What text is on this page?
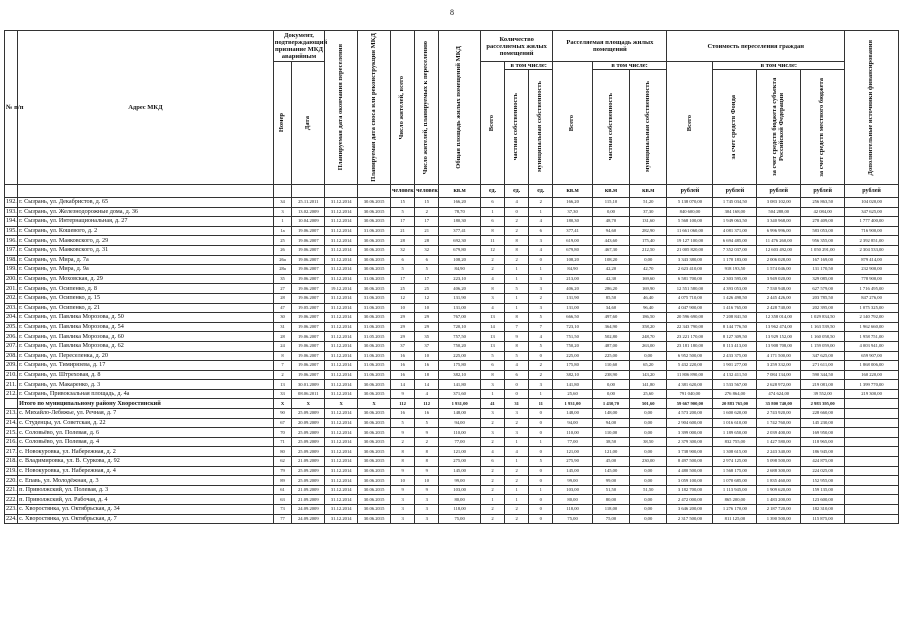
8
№ п/п	Адрес МКД	Документ, подтверждающий признание МКД аварийным		Планируемая дата окончания переселения	Планируемая дата сноса или реконструкции МКД	Число жителей, всего	Число жителей, планируемых к переселению	Общая площадь жилых помещений МКД	Количество расселяемых жилых помещений			Расселяемая площадь жилых помещений			Стоимость переселения граждан				Дополнительные источники финансирования

		Номер	Дата						Всего	в том числе:		Всего	в том числе:		Всего	в том числе:			

										частная собственность	муниципальная собственность		частная собственность	муниципальная собственность		за счет средств Фонда	за счет средств бюджета субъекта Российской Федерации	за счет средств местного бюджета	

						человек	человек	кв.м	ед.	ед.	ед.	кв.м	кв.м	кв.м	рублей	рублей	рублей	рублей	рублей
192.	г. Сызрань, ул. Декабристов, д. 65	34	25.11.2011	31.12.2014	30.06.2015	15	15	166,20	6	4	2	166,20	115,10	51,20	5 138 070,00	1 745 034,50	3 083 102,00	256 863,50	104 020,00
193.	г. Сызрань, ул. Железнодорожные дома, д. 36	3	13.02.2009	31.12.2014	30.06.2015	5	2	78,70	1	0	1	37,30	0,00	37,30	840 600,00	304 168,00	504 288,00	42 084,00	347 625,00
194.	г. Сызрань, ул. Интернациональная, д. 27	1	10.04.2009	31.12.2014	30.06.2015	17	17	180,30	6	2	4	180,30	48,70	131,60	5 568 100,00	1 949 063,50	3 340 968,00	278 409,00	1 777 400,00
195.	г. Сызрань, ул. Кошевого, д. 2	1a	19.06.2007	31.12.2014	31.06.2015	21	21	377,41	8	2	6	377,41	94,60	282,90	11 661 060,00	4 081 371,00	6 996 996,00	583 053,00	716 900,00
196.	г. Сызрань, ул. Маяковского, д. 29	25	19.06.2007	31.12.2014	30.06.2015	28	28	692,30	11	8	3	619,00	443,60	175,40	19 127 100,00	6 694 485,00	11 476 260,00	956 355,00	2 392 851,00
197.	г. Сызрань, ул. Маяковского, д. 31	26	19.06.2007	31.12.2014	30.06.2015	32	32	679,80	12	8	4	679,80	467,30	212,50	21 005 820,00	7 352 037,00	12 603 492,00	1 050 291,00	2 304 533,00
198.	г. Сызрань, ул. Мира, д. 7а	26a	19.06.2007	31.12.2014	30.06.2015	6	6	108,20	2	2	0	108,20	108,20	0,00	3 343 380,00	1 170 183,00	2 006 028,00	167 169,00	879 414,00
199.	г. Сызрань, ул. Мира, д. 9а	28a	19.06.2007	31.12.2014	30.06.2015	5	5	84,90	2	1	1	84,90	42,20	42,70	2 623 410,00	918 193,50	1 574 046,00	131 170,50	232 900,00
200.	г. Сызрань, ул. Моховская, д. 29	35	19.06.2007	31.12.2014	31.06.2015	17	17	223,10	4	1	3	213,00	42,30	169,60	6 581 700,00	2 303 595,00	3 949 020,00	329 085,00	778 900,00
201.	г. Сызрань, ул. Осипенко, д. 8	27	19.06.2007	19.12.2014	30.06.2015	25	25	406,20	8	5	3	406,20	286,20	169,90	12 551 580,00	4 393 053,00	7 530 948,00	627 579,00	1 716 495,00
202.	г. Сызрань, ул. Осипенко, д. 15	28	19.06.2007	31.12.2014	31.06.2015	12	12	131,90	3	1	2	131,90	85,50	46,40	4 075 710,00	1 426 498,50	2 445 426,00	203 785,50	847 276,00
203.	г. Сызрань, ул. Осипенко, д. 21	47	19.05.2007	31.12.2014	31.06.2015	10	10	131,00	4	1	3	131,00	34,60	96,40	4 047 900,00	1 416 765,00	2 428 740,00	202 395,00	1 075 325,00
204.	г. Сызрань, ул. Павлика Морозова, д. 50	30	19.06.2007	31.12.2014	30.06.2015	29	29	767,00	13	8	5	666,50	497,60	186,50	20 596 690,00	7 208 841,50	12 358 014,00	1 029 834,50	2 140 792,00
205.	г. Сызрань, ул. Павлика Морозова, д. 54	31	19.06.2007	31.12.2014	31.06.2015	29	29	720,10	14	7	7	723,10	364,90	358,20	22 343 790,00	8 144 776,50	13 962 474,00	1 163 539,50	1 962 660,00
206.	г. Сызрань, ул. Павлика Морозова, д. 60	28	19.06.2007	31.12.2014	31.05.2015	29	35	757,50	13	9	4	751,50	502,80	248,70	23 221 170,00	8 127 309,50	13 929 152,00	1 160 058,50	1 958 751,00
207.	г. Сызрань, ул. Павлика Морозова, д. 62	24	19.06.2007	31.12.2014	30.06.2015	37	37	750,20	13	8	5	750,20	487,00	263,00	23 181 180,00	8 113 413,00	13 908 708,00	1 159 059,00	4 003 941,00
208.	г. Сызрань, ул. Переселенка, д. 20	8	19.06.2007	31.12.2014	31.06.2015	16	10	225,00	5	5	0	225,00	225,00	0,00	6 952 500,00	2 433 375,00	4 171 500,00	347 625,00	659 907,00
209.	г. Сызрань, ул. Тимирязева, д. 17	7	19.06.2007	31.12.2014	31.06.2015	16	16	175,80	6	4	2	175,80	110,60	65,20	5 432 220,00	1 901 277,00	3 259 332,00	271 611,00	1 868 006,00
210.	г. Сызрань, ул. Штреховая, д. 8	2	19.06.2007	31.12.2014	31.06.2015	16	18	382,10	8	6	2	382,10	238,90	143,20	11 806 890,00	4 132 411,50	7 084 134,00	590 344,50	160 220,00
211.	г. Сызрань, ул. Макаренко, д. 3	13	30.01.2009	31.12.2014	30.06.2015	14	14	141,80	3	0	3	141,80	0,00	141,80	4 381 620,00	1 533 567,00	2 628 972,00	219 081,00	1 399 770,00
212.	г. Сызрань, Привокзальная площадь, д. 4а	33	08.06.2011	31.12.2014	30.06.2015	9	4	371,60	1	0	1	25,60	0,00	25,60	791 040,00	276 864,00	474 624,00	39 552,00	219 300,00
	Итого по муниципальному району Хворостянский	X	X	X	X	112	112	1 931,00	41	31	11	1 931,00	1 430,70	501,60	59 667 900,00	20 883 765,00	35 800 740,00	2 983 395,00	
213.	с. Михайло-Лебяжье, ул. Речная, д. 7	90	25.09.2009	31.12.2014	30.06.2015	16	16	148,00	3	3	0	148,00	148,00	0,00	4 573 200,00	1 600 620,00	2 743 920,00	228 660,00	
214.	с. Студенцы, ул. Советская, д. 22	67	20.09.2009	31.12.2014	30.06.2015	5	5	94,00	2	2	0	94,00	94,00	0,00	2 904 600,00	1 016 610,00	1 742 760,00	145 230,00	
215.	с. Соловьёво, ул. Полевая, д. 6	70	25.09.2009	31.12.2014	30.06.2015	9	9	110,00	3	3	0	110,00	110,00	0,00	3 399 000,00	1 189 650,00	2 039 400,00	169 950,00	
216.	с. Соловьёво, ул. Полевая, д. 4	71	25.09.2009	31.12.2014	30.06.2015	2	2	77,00	2	1	1	77,00	38,50	38,50	2 379 300,00	832 755,00	1 427 580,00	118 965,00	
217.	с. Новокуровка, ул. Набережная, д. 2	80	25.09.2009	31.12.2014	30.06.2015	8	8	121,00	4	4	0	121,00	121,00	0,00	3 738 900,00	1 308 615,00	2 243 340,00	186 945,00	
218.	с. Владимировка, ул. В. Суркова, д. 92	62	21.09.2009	31.12.2014	30.06.2015	8	8	275,00	6	1	5	275,90	45,00	230,00	8 497 500,00	2 974 125,00	5 098 500,00	424 875,00	
219.	с. Новокуровка, ул. Набережная, д. 4	79	25.09.2009	31.12.2014	30.06.2015	9	9	145,00	2	2	0	145,00	145,00	0,00	4 480 500,00	1 568 175,00	2 688 300,00	224 025,00	
220.	с. Епавь, ул. Молодёжная, д. 3	89	25.09.2009	31.12.2014	30.06.2015	10	10	99,00	2	2	0	99,00	99,00	0,00	3 059 100,00	1 070 685,00	1 835 460,00	152 955,00	
221.	п. Приволжский, ул. Полевая, д. 3	61	21.09.2009	31.12.2014	30.06.2015	9	9	103,00	2	1	1	103,00	51,50	51,50	3 182 700,00	1 113 945,00	1 909 620,00	159 135,00	
222.	п. Приволжский, ул. Рабочая, д. 4	63	21.09.2009	31.12.2014	30.06.2015	3	3	80,00	1	1	0	80,00	80,00	0,00	2 472 000,00	865 200,00	1 483 200,00	123 600,00	
223.	с. Хворостянка, ул. Октябрьская, д. 34	73	24.09.2009	31.12.2014	30.06.2015	3	3	118,00	2	2	0	118,00	118,00	0,00	3 646 200,00	1 276 170,00	2 187 720,00	182 310,00	
224.	с. Хворостянка, ул. Октябрьская, д. 7	77	24.09.2009	31.12.2014	30.06.2015	3	3	75,00	2	2	0	75,00	75,00	0,00	2 317 500,00	811 125,00	1 390 500,00	115 875,00	
